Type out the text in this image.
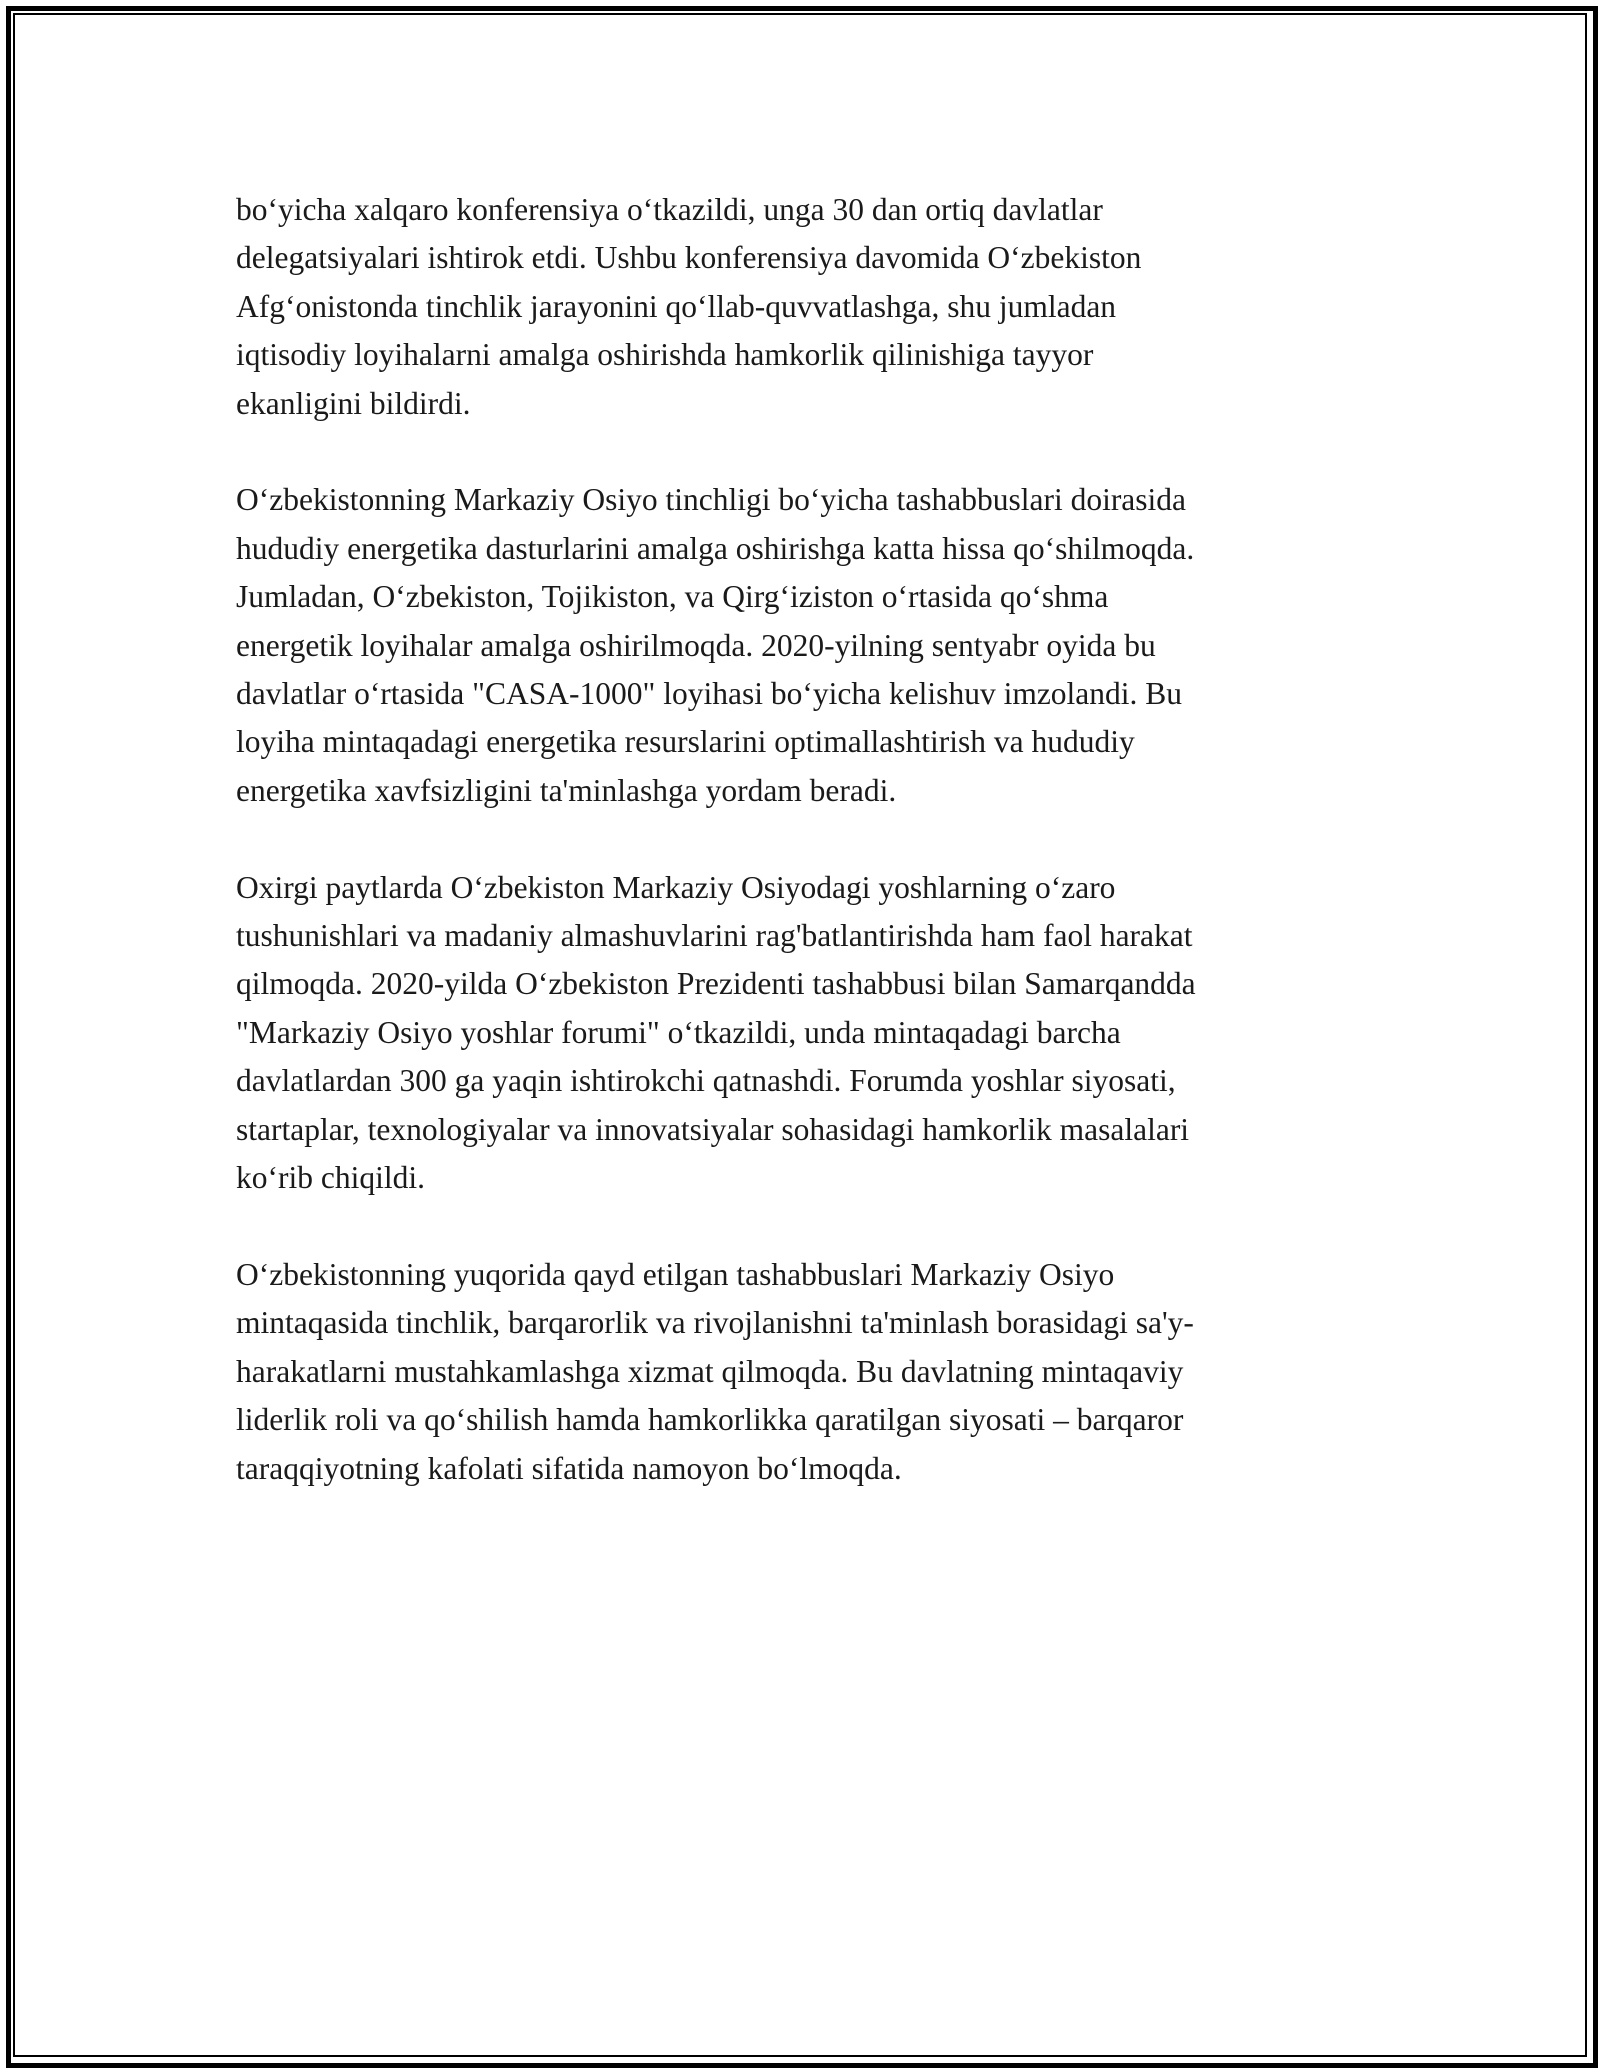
bo‘yicha xalqaro konferensiya o‘tkazildi, unga 30 dan ortiq davlatlar
delegatsiyalari ishtirok etdi. Ushbu konferensiya davomida O‘zbekiston
Afg‘onistonda tinchlik jarayonini qo‘llab-quvvatlashga, shu jumladan
iqtisodiy loyihalarni amalga oshirishda hamkorlik qilinishiga tayyor
ekanligini bildirdi.

O‘zbekistonning Markaziy Osiyo tinchligi bo‘yicha tashabbuslari doirasida
hududiy energetika dasturlarini amalga oshirishga katta hissa qo‘shilmoqda.
Jumladan, O‘zbekiston, Tojikiston, va Qirg‘iziston o‘rtasida qo‘shma
energetik loyihalar amalga oshirilmoqda. 2020-yilning sentyabr oyida bu
davlatlar o‘rtasida "CASA-1000" loyihasi bo‘yicha kelishuv imzolandi. Bu
loyiha mintaqadagi energetika resurslarini optimallashtirish va hududiy
energetika xavfsizligini ta'minlashga yordam beradi.

Oxirgi paytlarda O‘zbekiston Markaziy Osiyodagi yoshlarning o‘zaro
tushunishlari va madaniy almashuvlarini rag'batlantirishda ham faol harakat
qilmoqda. 2020-yilda O‘zbekiston Prezidenti tashabbusi bilan Samarqandda
"Markaziy Osiyo yoshlar forumi" o‘tkazildi, unda mintaqadagi barcha
davlatlardan 300 ga yaqin ishtirokchi qatnashdi. Forumda yoshlar siyosati,
startaplar, texnologiyalar va innovatsiyalar sohasidagi hamkorlik masalalari
ko‘rib chiqildi.

O‘zbekistonning yuqorida qayd etilgan tashabbuslari Markaziy Osiyo
mintaqasida tinchlik, barqarorlik va rivojlanishni ta'minlash borasidagi sa'y-
harakatlarni mustahkamlashga xizmat qilmoqda. Bu davlatning mintaqaviy
liderlik roli va qo‘shilish hamda hamkorlikka qaratilgan siyosati – barqaror
taraqqiyotning kafolati sifatida namoyon bo‘lmoqda.
